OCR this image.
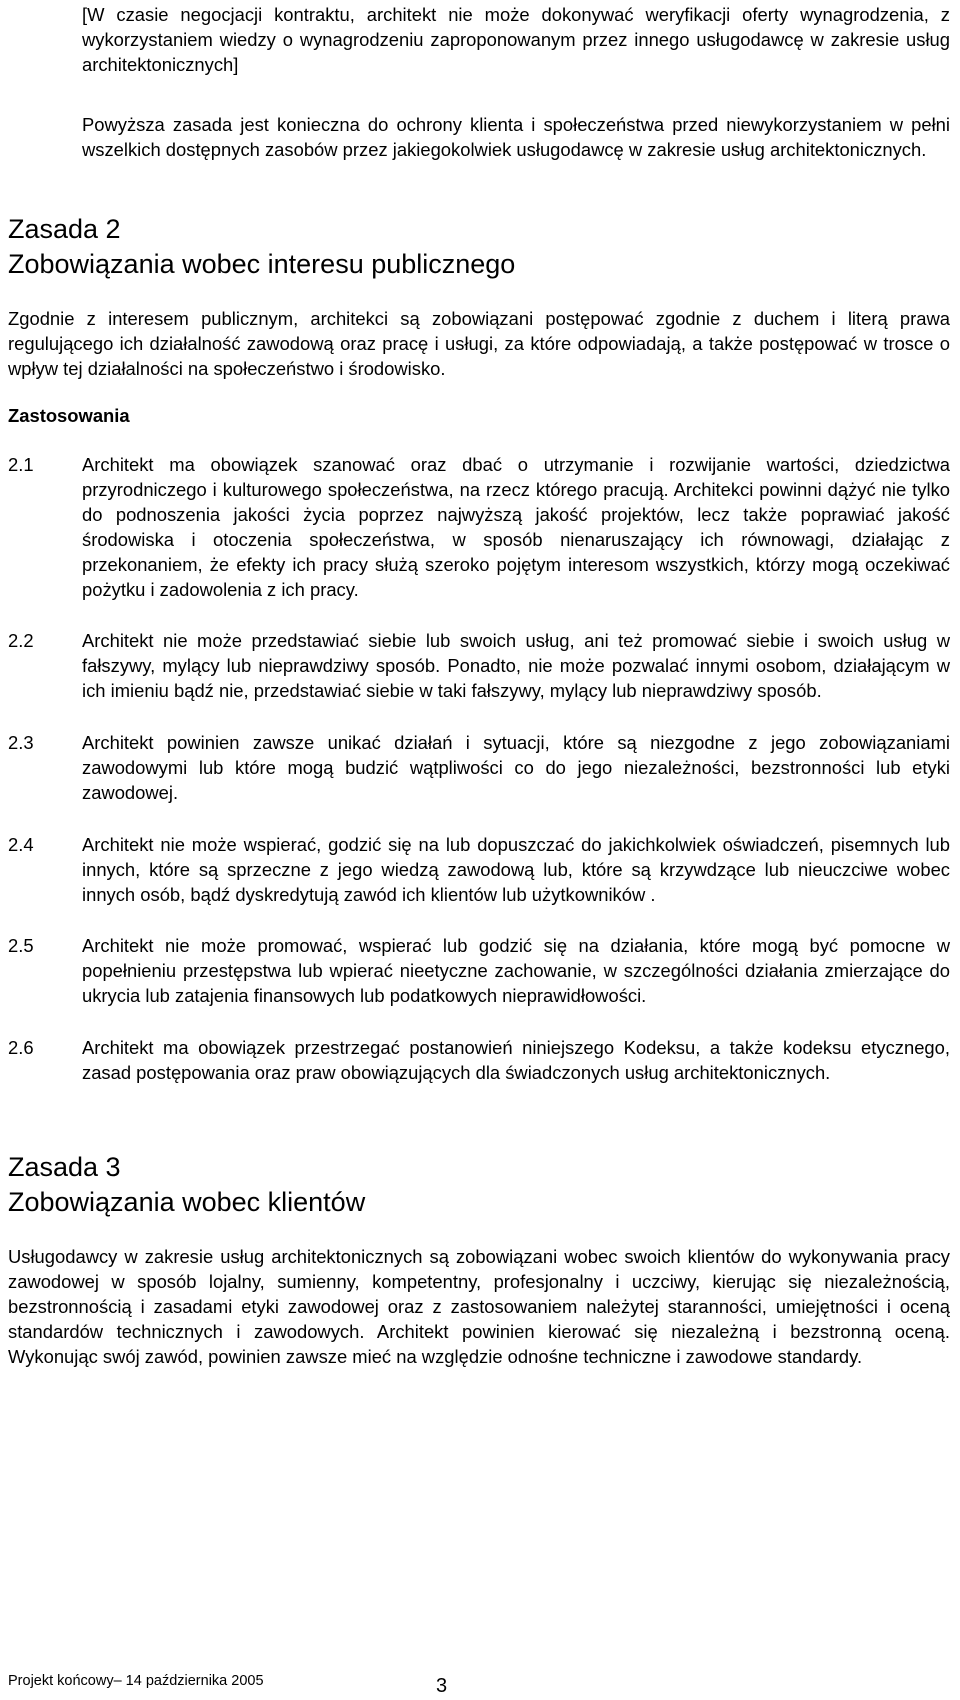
[W czasie negocjacji kontraktu, architekt nie może dokonywać weryfikacji oferty wynagrodzenia, z wykorzystaniem wiedzy o wynagrodzeniu zaproponowanym przez innego usługodawcę w zakresie usług architektonicznych]

Powyższa zasada jest konieczna do ochrony klienta i społeczeństwa przed niewykorzystaniem w pełni wszelkich dostępnych zasobów przez jakiegokolwiek usługodawcę w zakresie usług architektonicznych.

Zasada 2
Zobowiązania wobec interesu publicznego

Zgodnie z interesem publicznym, architekci są zobowiązani postępować zgodnie z duchem i literą prawa regulującego ich działalność zawodową oraz pracę i usługi, za które odpowiadają, a także postępować w trosce o wpływ tej działalności na społeczeństwo i środowisko.

Zastosowania

2.1	Architekt ma obowiązek szanować oraz dbać o utrzymanie i rozwijanie wartości, dziedzictwa przyrodniczego i kulturowego społeczeństwa, na rzecz którego pracują. Architekci powinni dążyć nie tylko do podnoszenia jakości życia poprzez najwyższą jakość projektów, lecz także poprawiać jakość środowiska i otoczenia społeczeństwa, w sposób nienaruszający ich równowagi, działając z przekonaniem, że efekty ich pracy służą szeroko pojętym interesom wszystkich, którzy mogą oczekiwać pożytku i zadowolenia z ich pracy.
2.2	Architekt nie może przedstawiać siebie lub swoich usług, ani też promować siebie i swoich usług w fałszywy, mylący lub nieprawdziwy sposób. Ponadto, nie może pozwalać innymi osobom, działającym w ich imieniu bądź nie, przedstawiać siebie w taki fałszywy, mylący lub nieprawdziwy sposób.
2.3	Architekt powinien zawsze unikać działań i sytuacji, które są niezgodne z jego zobowiązaniami zawodowymi lub które mogą budzić wątpliwości co do jego niezależności, bezstronności lub etyki zawodowej.
2.4	Architekt nie może wspierać, godzić się na lub dopuszczać do jakichkolwiek oświadczeń, pisemnych lub innych, które są sprzeczne z jego wiedzą zawodową lub, które są krzywdzące lub nieuczciwe wobec innych osób, bądź dyskredytują zawód ich klientów lub użytkowników .
2.5	Architekt nie może promować, wspierać lub godzić się na działania, które mogą być pomocne w popełnieniu przestępstwa lub wpierać nieetyczne zachowanie, w szczególności działania zmierzające do ukrycia lub zatajenia finansowych lub podatkowych nieprawidłowości.
2.6	Architekt ma obowiązek przestrzegać postanowień niniejszego Kodeksu, a także kodeksu etycznego, zasad postępowania oraz praw obowiązujących dla świadczonych usług architektonicznych.
Zasada 3
Zobowiązania wobec klientów

Usługodawcy w zakresie usług architektonicznych są zobowiązani wobec swoich klientów do wykonywania pracy zawodowej w sposób lojalny, sumienny, kompetentny, profesjonalny i uczciwy, kierując się niezależnością, bezstronnością i zasadami etyki zawodowej oraz z zastosowaniem należytej staranności, umiejętności i oceną standardów technicznych i zawodowych. Architekt powinien kierować się niezależną i bezstronną oceną. Wykonując swój zawód, powinien zawsze mieć na względzie odnośne techniczne i zawodowe standardy.

Projekt końcowy– 14 października 2005	3
